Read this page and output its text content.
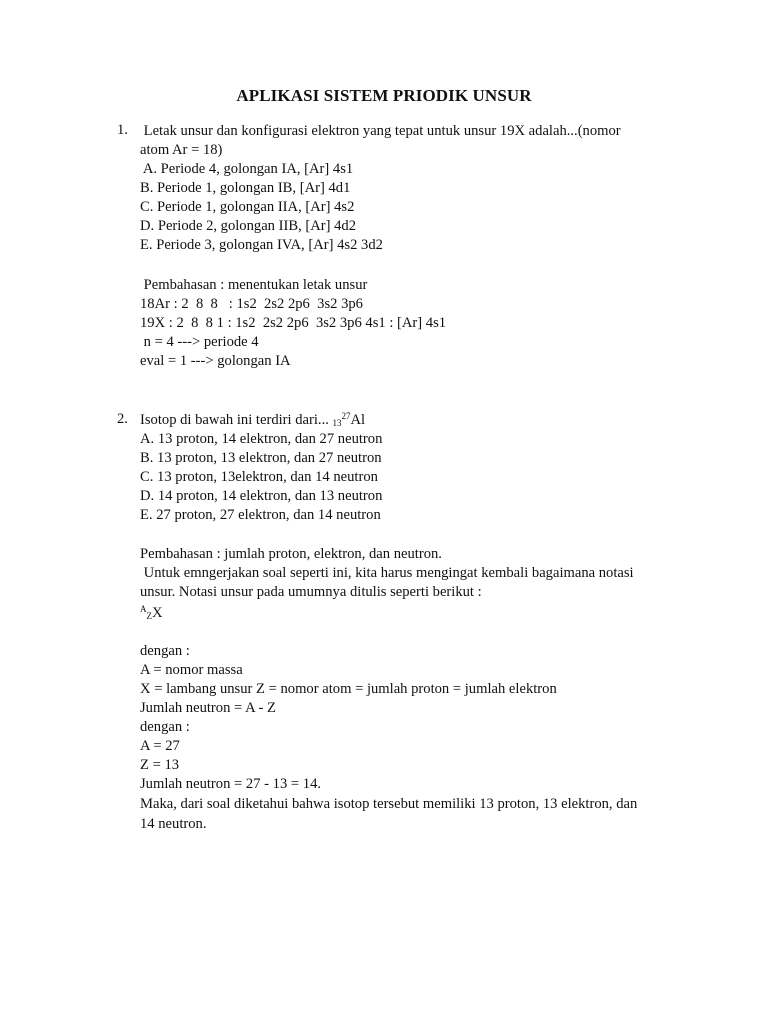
APLIKASI SISTEM PRIODIK UNSUR
1. Letak unsur dan konfigurasi elektron yang tepat untuk unsur 19X adalah...(nomor
atom Ar = 18)
A. Periode 4, golongan IA, [Ar] 4s1
B. Periode 1, golongan IB, [Ar] 4d1
C. Periode 1, golongan IIA, [Ar] 4s2
D. Periode 2, golongan IIB, [Ar] 4d2
E. Periode 3, golongan IVA, [Ar] 4s2 3d2
Pembahasan : menentukan letak unsur
18Ar : 2  8  8   : 1s2  2s2 2p6  3s2 3p6
19X : 2  8  8 1 : 1s2  2s2 2p6  3s2 3p6 4s1 : [Ar] 4s1
n = 4 ---> periode 4
eval = 1 ---> golongan IA
2. Isotop di bawah ini terdiri dari... $_{13}^{27}$Al
A. 13 proton, 14 elektron, dan 27 neutron
B. 13 proton, 13 elektron, dan 27 neutron
C. 13 proton, 13elektron, dan 14 neutron
D. 14 proton, 14 elektron, dan 13 neutron
E. 27 proton, 27 elektron, dan 14 neutron
Pembahasan : jumlah proton, elektron, dan neutron.
Untuk emngerjakan soal seperti ini, kita harus mengingat kembali bagaimana notasi
unsur. Notasi unsur pada umumnya ditulis seperti berikut :
$^A_Z$X
dengan :
A = nomor massa
X = lambang unsur Z = nomor atom = jumlah proton = jumlah elektron
Jumlah neutron = A - Z
dengan :
A = 27
Z = 13
Jumlah neutron = 27 - 13 = 14.
Maka, dari soal diketahui bahwa isotop tersebut memiliki 13 proton, 13 elektron, dan
14 neutron.
